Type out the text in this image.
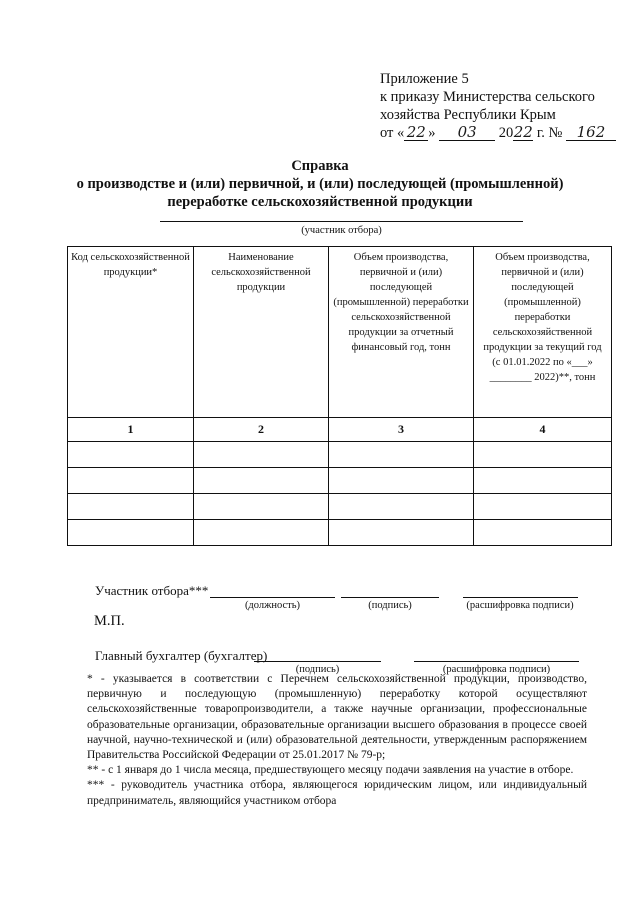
Приложение 5
к приказу Министерства сельского
хозяйства Республики Крым
от « 22 » 03 2022 г. № 162
Справка
о производстве и (или) первичной, и (или) последующей (промышленной)
переработке сельскохозяйственной продукции
(участник отбора)
Код сельскохозяйственной продукции*	Наименование сельскохозяйственной продукции	Объем производства, первичной и (или) последующей (промышленной) переработки сельскохозяйственной продукции за отчетный финансовый год, тонн	Объем производства, первичной и (или) последующей (промышленной) переработки сельскохозяйственной продукции за текущий год
(с 01.01.2022 по «___»
________ 2022)**, тонн

1	2	3	4

Участник отбора***
(должность)	(подпись)	(расшифровка подписи)
М.П.
Главный бухгалтер (бухгалтер)
(подпись)	(расшифровка подписи)

* - указывается в соответствии с Перечнем сельскохозяйственной продукции, производство, первичную и последующую (промышленную) переработку которой осуществляют сельскохозяйственные товаропроизводители, а также научные организации, профессиональные образовательные организации, образовательные организации высшего образования в процессе своей научной, научно-технической и (или) образовательной деятельности, утвержденным распоряжением Правительства Российской Федерации от 25.01.2017 № 79-р;

** - с 1 января до 1 числа месяца, предшествующего месяцу подачи заявления на участие в отборе.

*** - руководитель участника отбора, являющегося юридическим лицом, или индивидуальный предприниматель, являющийся участником отбора
